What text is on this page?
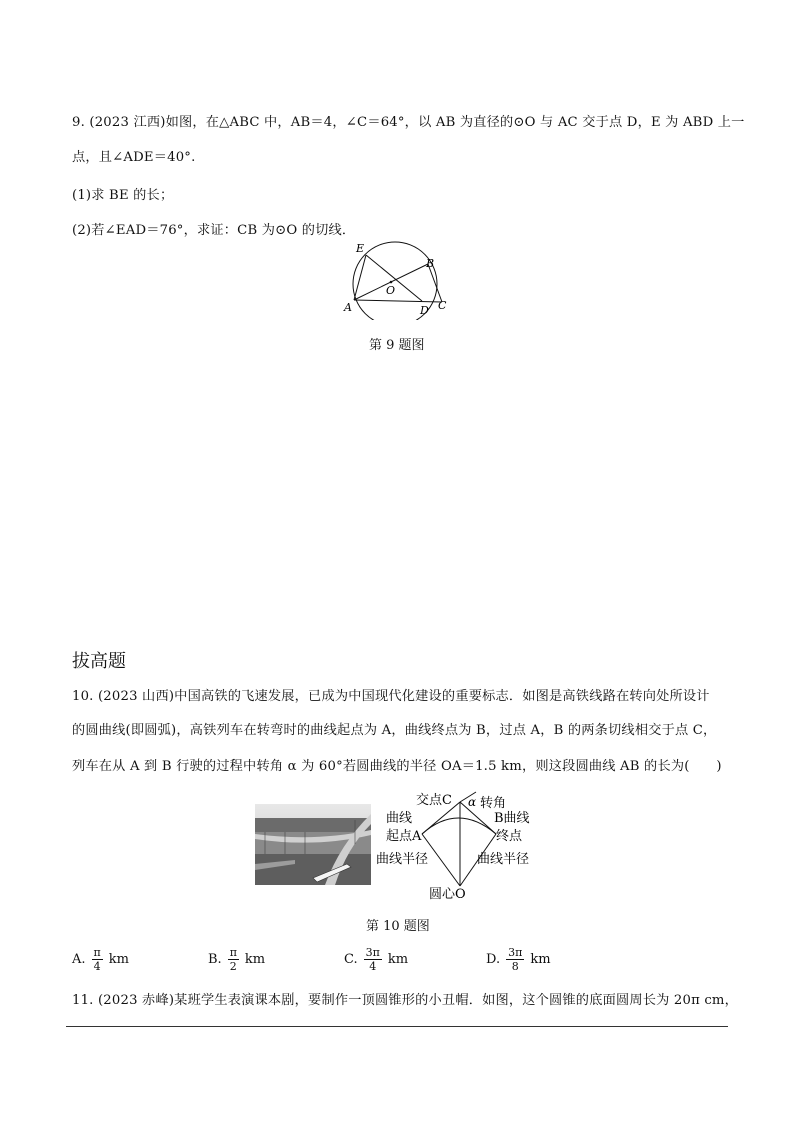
9. (2023 江西)如图，在△ABC 中，AB＝4，∠C＝64°，以 AB 为直径的⊙O 与 AC 交于点 D，E 为 ABD 上一
点，且∠ADE＝40°.
(1)求 BE 的长；
(2)若∠EAD＝76°，求证：CB 为⊙O 的切线．
E
B
O
A	D C
第 9 题图
拔高题
10. (2023 山西)中国高铁的飞速发展，已成为中国现代化建设的重要标志．如图是高铁线路在转向处所设计
的圆曲线(即圆弧)，高铁列车在转弯时的曲线起点为 A，曲线终点为 B，过点 A，B 的两条切线相交于点 C，
列车在从 A 到 B 行驶的过程中转角 α 为 60°若圆曲线的半径 OA＝1.5 km，则这段圆曲线 AB 的长为(　　)
交点C α 转角
曲线
起点A
B曲线
终点
曲线半径	曲线半径
圆心O
第 10 题图
A. $\frac{\pi}{4}$ km	B. $\frac{\pi}{2}$ km	C. $\frac{3\pi}{4}$ km	D. $\frac{3\pi}{8}$ km
11. (2023 赤峰)某班学生表演课本剧，要制作一顶圆锥形的小丑帽．如图，这个圆锥的底面圆周长为 20π cm，
